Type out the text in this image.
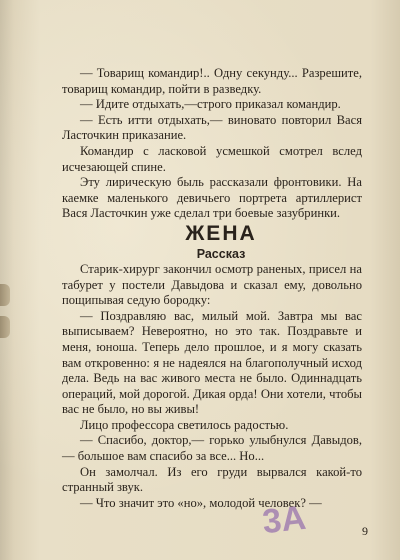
— Товарищ командир!.. Одну секунду... Разрешите, товарищ командир, пойти в разведку.

— Идите отдыхать,—строго приказал командир.

— Есть итти отдыхать,— виновато повторил Вася Ласточкин приказание.

Командир с ласковой усмешкой смотрел вслед исчезающей спине.

Эту лирическую быль рассказали фронтовики. На каемке маленького девичьего портрета артиллерист Вася Ласточкин уже сделал три боевые зазубринки.

ЖЕНА

Рассказ

Старик-хирург закончил осмотр раненых, присел на табурет у постели Давыдова и сказал ему, довольно пощипывая седую бородку:

— Поздравляю вас, милый мой. Завтра мы вас выписываем? Невероятно, но это так. Поздравьте и меня, юноша. Теперь дело прошлое, и я могу сказать вам откровенно: я не надеялся на благополучный исход дела. Ведь на вас живого места не было. Одиннадцать операций, мой дорогой. Дикая орда! Они хотели, чтобы вас не было, но вы живы!

Лицо профессора светилось радостью.

— Спасибо, доктор,— горько улыбнулся Давыдов,— большое вам спасибо за все... Но...

Он замолчал. Из его груди вырвался какой-то странный звук.

— Что значит это «но», молодой человек? —

9
3А
